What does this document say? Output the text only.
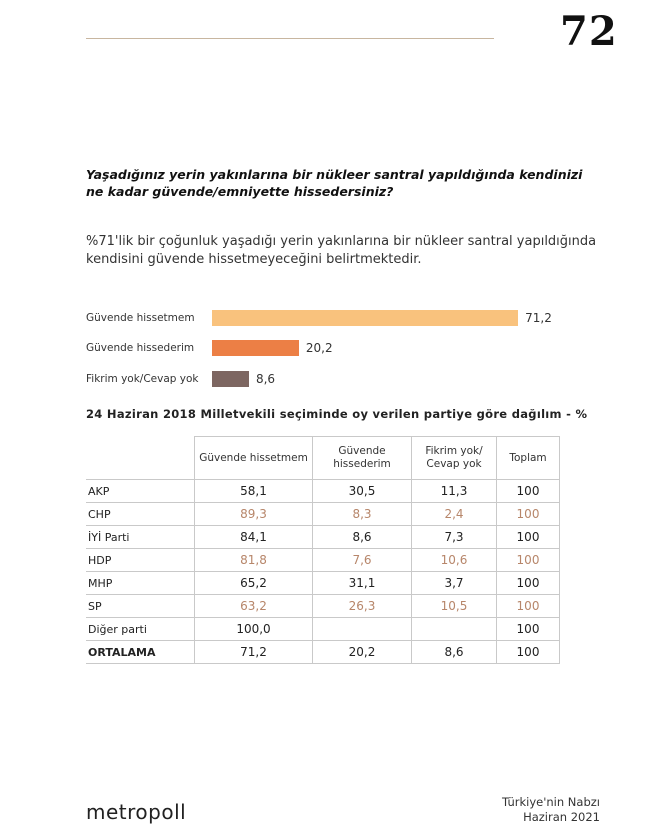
72
Yaşadığınız yerin yakınlarına bir nükleer santral yapıldığında kendinizi ne kadar güvende/emniyette hissedersiniz?
%71'lik bir çoğunluk yaşadığı yerin yakınlarına bir nükleer santral yapıldığında kendisini güvende hissetmeyeceğini belirtmektedir.
Güvende hissetmem	71,2
Güvende hissederim	20,2
Fikrim yok/Cevap yok	8,6
24 Haziran 2018 Milletvekili seçiminde oy verilen partiye göre dağılım - %
	Güvende hissetmem	Güvende hissederim	Fikrim yok/ Cevap yok	Toplam
AKP	58,1	30,5	11,3	100
CHP	89,3	8,3	2,4	100
İYİ Parti	84,1	8,6	7,3	100
HDP	81,8	7,6	10,6	100
MHP	65,2	31,1	3,7	100
SP	63,2	26,3	10,5	100
Diğer parti	100,0			100
ORTALAMA	71,2	20,2	8,6	100
metropoll	Türkiye'nin Nabzı
Haziran 2021
